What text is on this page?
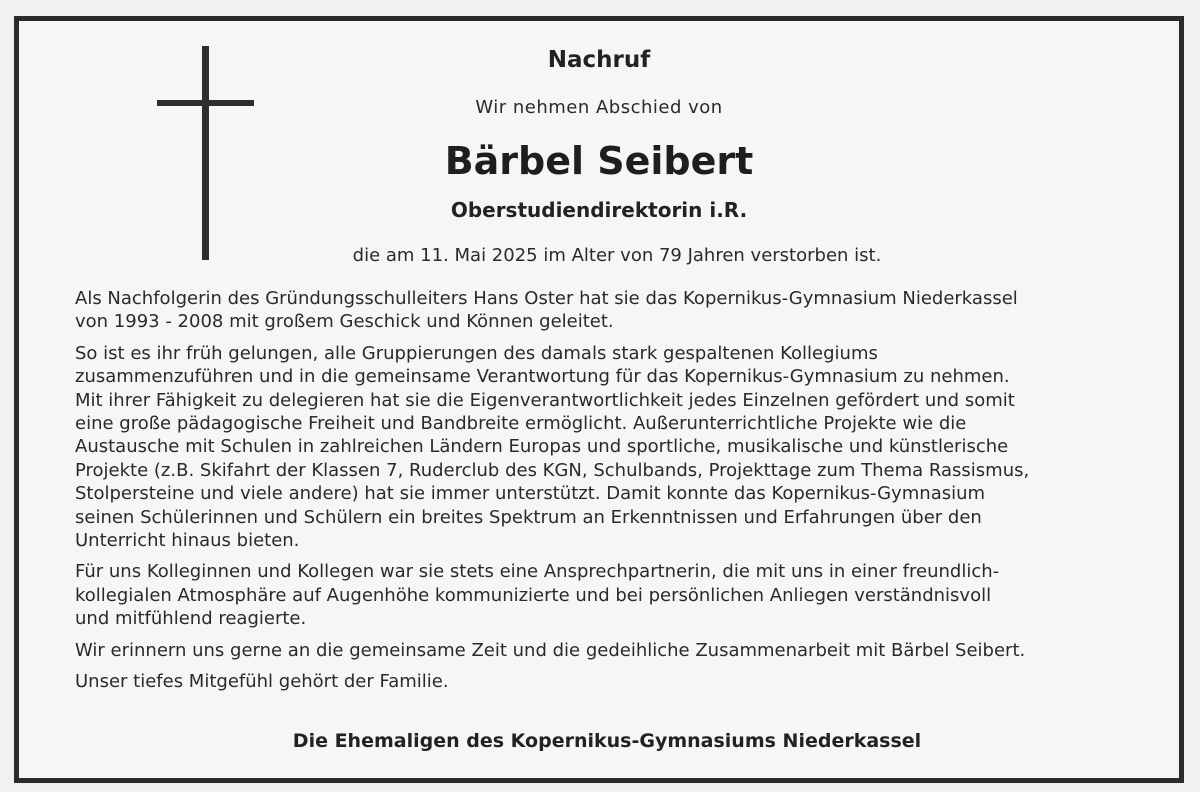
Nachruf
Wir nehmen Abschied von
Bärbel Seibert
Oberstudiendirektorin i.R.
die am 11. Mai 2025 im Alter von 79 Jahren verstorben ist.

Als Nachfolgerin des Gründungsschulleiters Hans Oster hat sie das Kopernikus-Gymnasium Niederkassel
von 1993 - 2008 mit großem Geschick und Können geleitet.

So ist es ihr früh gelungen, alle Gruppierungen des damals stark gespaltenen Kollegiums
zusammenzuführen und in die gemeinsame Verantwortung für das Kopernikus-Gymnasium zu nehmen.
Mit ihrer Fähigkeit zu delegieren hat sie die Eigenverantwortlichkeit jedes Einzelnen gefördert und somit
eine große pädagogische Freiheit und Bandbreite ermöglicht. Außerunterrichtliche Projekte wie die
Austausche mit Schulen in zahlreichen Ländern Europas und sportliche, musikalische und künstlerische
Projekte (z.B. Skifahrt der Klassen 7, Ruderclub des KGN, Schulbands, Projekttage zum Thema Rassismus,
Stolpersteine und viele andere) hat sie immer unterstützt. Damit konnte das Kopernikus-Gymnasium
seinen Schülerinnen und Schülern ein breites Spektrum an Erkenntnissen und Erfahrungen über den
Unterricht hinaus bieten.

Für uns Kolleginnen und Kollegen war sie stets eine Ansprechpartnerin, die mit uns in einer freundlich-
kollegialen Atmosphäre auf Augenhöhe kommunizierte und bei persönlichen Anliegen verständnisvoll
und mitfühlend reagierte.

Wir erinnern uns gerne an die gemeinsame Zeit und die gedeihliche Zusammenarbeit mit Bärbel Seibert.

Unser tiefes Mitgefühl gehört der Familie.

Die Ehemaligen des Kopernikus-Gymnasiums Niederkassel
